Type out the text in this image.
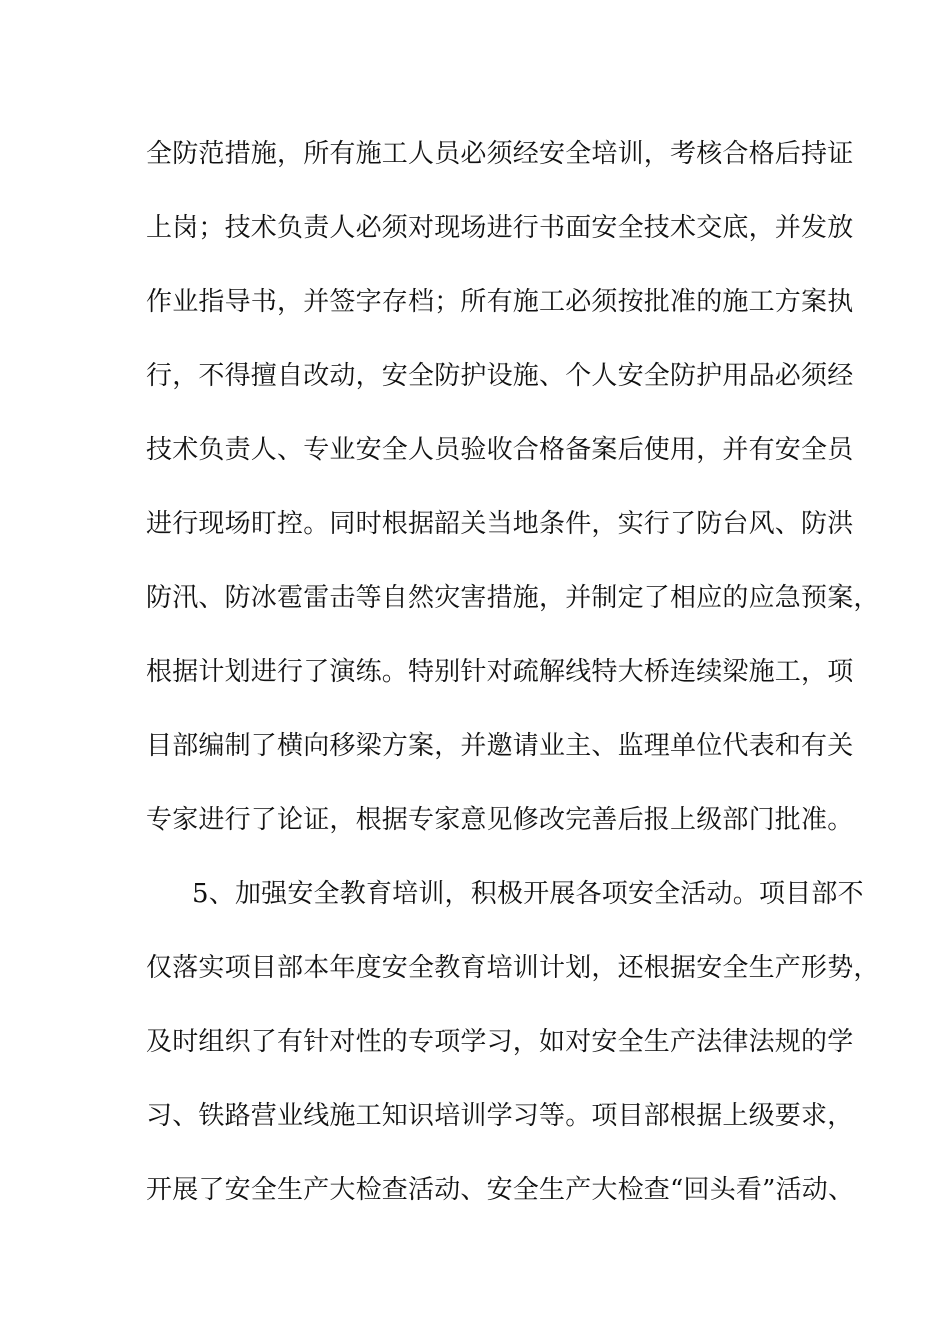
全防范措施，所有施工人员必须经安全培训，考核合格后持证
上岗；技术负责人必须对现场进行书面安全技术交底，并发放
作业指导书，并签字存档；所有施工必须按批准的施工方案执
行，不得擅自改动，安全防护设施、个人安全防护用品必须经
技术负责人、专业安全人员验收合格备案后使用，并有安全员
进行现场盯控。同时根据韶关当地条件，实行了防台风、防洪
防汛、防冰雹雷击等自然灾害措施，并制定了相应的应急预案，
根据计划进行了演练。特别针对疏解线特大桥连续梁施工，项
目部编制了横向移梁方案，并邀请业主、监理单位代表和有关
专家进行了论证，根据专家意见修改完善后报上级部门批准。
5、加强安全教育培训，积极开展各项安全活动。项目部不
仅落实项目部本年度安全教育培训计划，还根据安全生产形势，
及时组织了有针对性的专项学习，如对安全生产法律法规的学
习、铁路营业线施工知识培训学习等。项目部根据上级要求，
开展了安全生产大检查活动、安全生产大检查“回头看”活动、
